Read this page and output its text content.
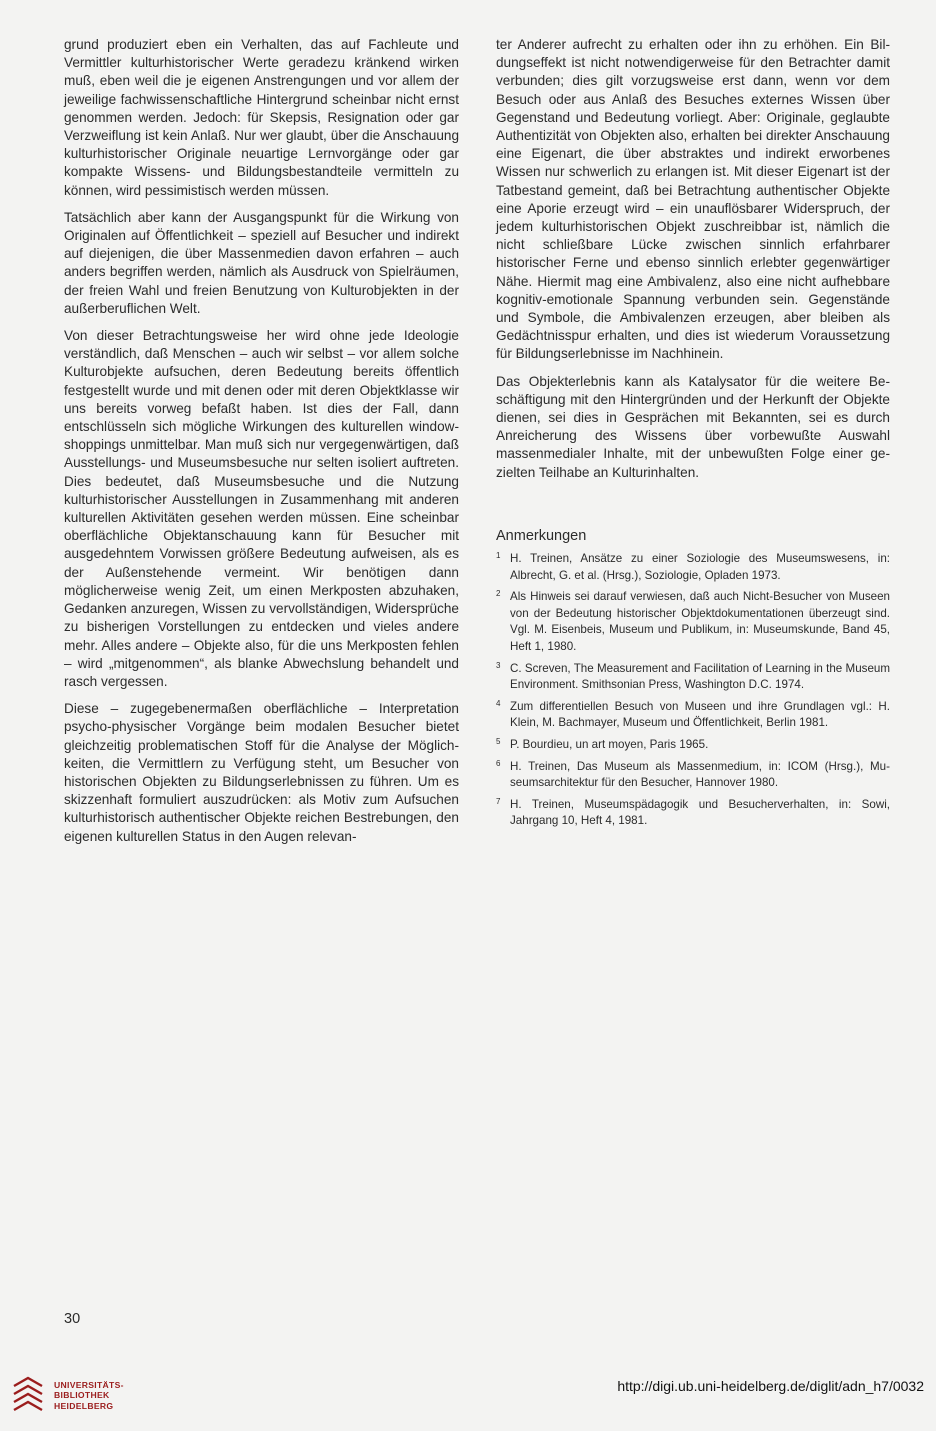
grund produziert eben ein Verhalten, das auf Fachleute und Vermittler kulturhistorischer Werte geradezu kränkend wirken muß, eben weil die je eigenen Anstrengungen und vor allem der jeweilige fachwissenschaftliche Hintergrund scheinbar nicht ernst genommen werden. Jedoch: für Skepsis, Resignation oder gar Verzweiflung ist kein Anlaß. Nur wer glaubt, über die Anschauung kulturhistorischer Originale neuartige Lernvorgänge oder gar kompakte Wissens- und Bildungsbestandteile vermitteln zu können, wird pessimistisch werden müssen.

Tatsächlich aber kann der Ausgangspunkt für die Wirkung von Originalen auf Öffentlichkeit – speziell auf Besucher und indirekt auf diejenigen, die über Massenmedien davon erfahren – auch anders begriffen werden, nämlich als Ausdruck von Spielräumen, der freien Wahl und freien Benutzung von Kulturobjekten in der außerberuflichen Welt.

Von dieser Betrachtungsweise her wird ohne jede Ideologie verständlich, daß Menschen – auch wir selbst – vor allem solche Kulturobjekte aufsuchen, deren Bedeutung bereits öffentlich festgestellt wurde und mit denen oder mit deren Objektklasse wir uns bereits vorweg befaßt haben. Ist dies der Fall, dann entschlüsseln sich mögliche Wirkungen des kulturellen window-shoppings unmittelbar. Man muß sich nur vergegenwärtigen, daß Ausstellungs- und Museumsbesuche nur selten isoliert auftreten. Dies bedeutet, daß Museumsbesuche und die Nutzung kulturhistorischer Ausstellungen in Zusammenhang mit anderen kulturellen Aktivitäten gesehen werden müssen. Eine scheinbar oberflächliche Objektanschauung kann für Besucher mit ausgedehntem Vorwissen größere Bedeutung aufweisen, als es der Außenstehende vermeint. Wir benötigen dann möglicherweise wenig Zeit, um einen Merkposten abzuhaken, Gedanken anzuregen, Wissen zu vervollständigen, Widersprüche zu bisherigen Vorstellungen zu entdecken und vieles andere mehr. Alles andere – Objekte also, für die uns Merkposten fehlen – wird „mitgenommen“, als blanke Abwechslung behandelt und rasch vergessen.

Diese – zugegebenermaßen oberflächliche – Interpretation psycho-physischer Vorgänge beim modalen Besucher bietet gleichzeitig problematischen Stoff für die Analyse der Möglichkeiten, die Vermittlern zu Verfügung steht, um Besucher von historischen Objekten zu Bildungserlebnissen zu führen. Um es skizzenhaft formuliert auszudrücken: als Motiv zum Aufsuchen kulturhistorisch authentischer Objekte reichen Bestrebungen, den eigenen kulturellen Status in den Augen relevan-

ter Anderer aufrecht zu erhalten oder ihn zu erhöhen. Ein Bildungseffekt ist nicht notwendigerweise für den Betrachter damit verbunden; dies gilt vorzugsweise erst dann, wenn vor dem Besuch oder aus Anlaß des Besuches externes Wissen über Gegenstand und Bedeutung vorliegt. Aber: Originale, geglaubte Authentizität von Objekten also, erhalten bei direkter Anschauung eine Eigenart, die über abstraktes und indirekt erworbenes Wissen nur schwerlich zu erlangen ist. Mit dieser Eigenart ist der Tatbestand gemeint, daß bei Betrachtung authentischer Objekte eine Aporie erzeugt wird – ein unauflösbarer Widerspruch, der jedem kulturhistorischen Objekt zuschreibbar ist, nämlich die nicht schließbare Lücke zwischen sinnlich erfahrbarer historischer Ferne und ebenso sinnlich erlebter gegenwärtiger Nähe. Hiermit mag eine Ambivalenz, also eine nicht aufhebbare kognitiv-emotionale Spannung verbunden sein. Gegenstände und Symbole, die Ambivalenzen erzeugen, aber bleiben als Gedächtnisspur erhalten, und dies ist wiederum Voraussetzung für Bildungserlebnisse im Nachhinein.

Das Objekterlebnis kann als Katalysator für die weitere Beschäftigung mit den Hintergründen und der Herkunft der Objekte dienen, sei dies in Gesprächen mit Bekannten, sei es durch Anreicherung des Wissens über vorbewußte Auswahl massenmedialer Inhalte, mit der unbewußten Folge einer gezielten Teilhabe an Kulturinhalten.

Anmerkungen
1 H. Treinen, Ansätze zu einer Soziologie des Museumswesens, in: Albrecht, G. et al. (Hrsg.), Soziologie, Opladen 1973.
2 Als Hinweis sei darauf verwiesen, daß auch Nicht-Besucher von Museen von der Bedeutung historischer Objektdokumentationen überzeugt sind. Vgl. M. Eisenbeis, Museum und Publikum, in: Museumskunde, Band 45, Heft 1, 1980.
3 C. Screven, The Measurement and Facilitation of Learning in the Museum Environment. Smithsonian Press, Washington D.C. 1974.
4 Zum differentiellen Besuch von Museen und ihre Grundlagen vgl.: H. Klein, M. Bachmayer, Museum und Öffentlichkeit, Berlin 1981.
5 P. Bourdieu, un art moyen, Paris 1965.
6 H. Treinen, Das Museum als Massenmedium, in: ICOM (Hrsg.), Museumsarchitektur für den Besucher, Hannover 1980.
7 H. Treinen, Museumspädagogik und Besucherverhalten, in: Sowi, Jahrgang 10, Heft 4, 1981.
30
UNIVERSITÄTS-
BIBLIOTHEK
HEIDELBERG
http://digi.ub.uni-heidelberg.de/diglit/adn_h7/0032
